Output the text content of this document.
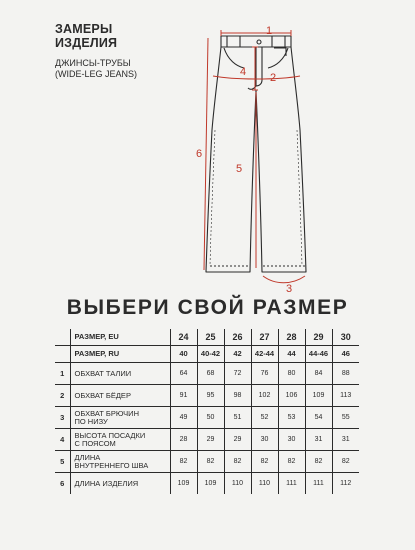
ЗАМЕРЫ
ИЗДЕЛИЯ
ДЖИНСЫ-ТРУБЫ
(WIDE-LEG JEANS)
1
2
3
4
5
6
ВЫБЕРИ СВОЙ РАЗМЕР
	РАЗМЕР, EU	24	25	26	27	28	29	30
	РАЗМЕР, RU	40	40-42	42	42-44	44	44-46	46
1	ОБХВАТ ТАЛИИ	64	68	72	76	80	84	88
2	ОБХВАТ БЁДЕР	91	95	98	102	106	109	113
3	ОБХВАТ БРЮЧИН
ПО НИЗУ	49	50	51	52	53	54	55
4	ВЫСОТА ПОСАДКИ
С ПОЯСОМ	28	29	29	30	30	31	31
5	ДЛИНА
ВНУТРЕННЕГО ШВА	82	82	82	82	82	82	82
6	ДЛИНА ИЗДЕЛИЯ	109	109	110	110	111	111	112
